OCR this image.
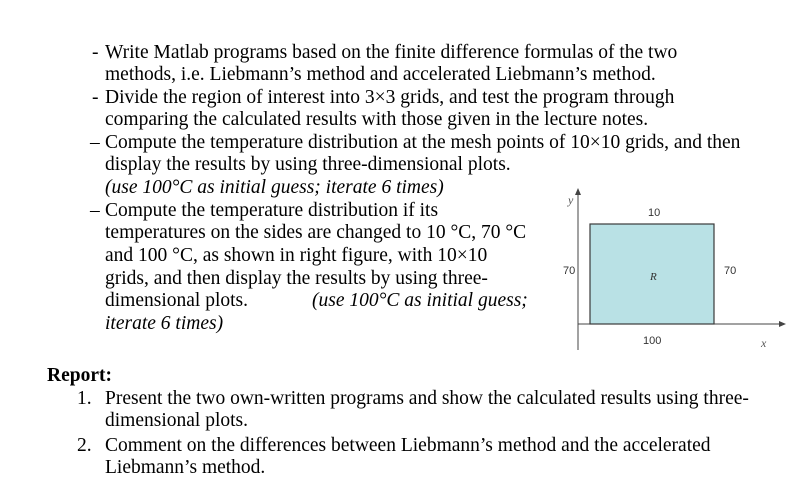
- Write Matlab programs based on the finite difference formulas of the two
methods, i.e. Liebmann’s method and accelerated Liebmann’s method.
- Divide the region of interest into 3×3 grids, and test the program through
comparing the calculated results with those given in the lecture notes.
– Compute the temperature distribution at the mesh points of 10×10 grids, and then
display the results by using three-dimensional plots.
(use 100°C as initial guess; iterate 6 times)
– Compute the temperature distribution if its
temperatures on the sides are changed to 10 °C, 70 °C
and 100 °C, as shown in right figure, with 10×10
grids, and then display the results by using three-
dimensional plots.	(use 100°C as initial guess;
iterate 6 times)
y
x
10
70	70
100
R
Report:
1. Present the two own-written programs and show the calculated results using three-
dimensional plots.
2. Comment on the differences between Liebmann’s method and the accelerated
Liebmann’s method.
